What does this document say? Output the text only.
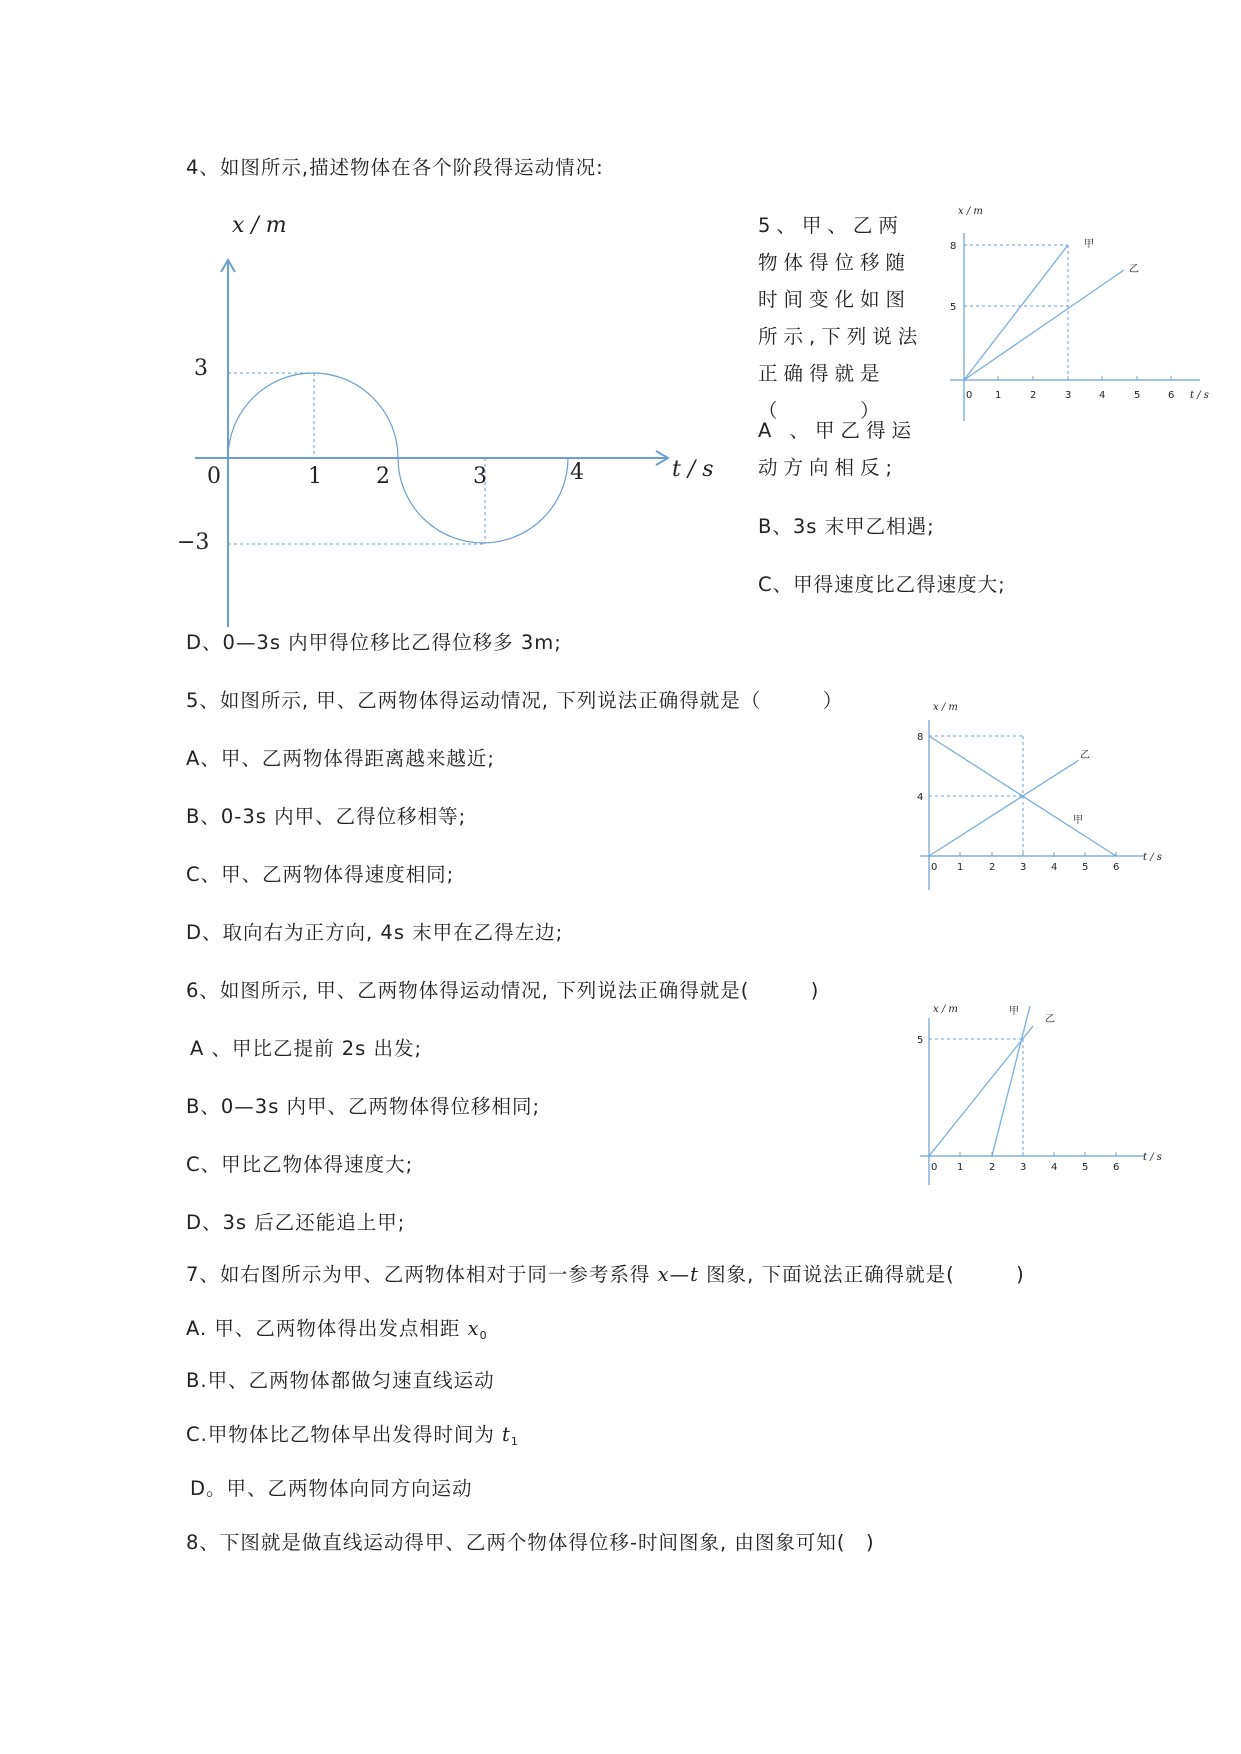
4、如图所示,描述物体在各个阶段得运动情况:
x / m
t / s
3
−3
0	1 2	3	4
5、甲、乙两物体得位移随时间变化如图所示,下列说法正确得就是（　　　）
A 、甲乙得运动方向相反;
B、3s 末甲乙相遇;
C、甲得速度比乙得速度大;
D、0—3s 内甲得位移比乙得位移多 3m;
x / m
t / s
8
5
0 1	2	3	4	5	6
甲
乙
5、如图所示, 甲、乙两物体得运动情况, 下列说法正确得就是（　　　）
A、甲、乙两物体得距离越来越近;
B、0-3s 内甲、乙得位移相等;
C、甲、乙两物体得速度相同;
D、取向右为正方向, 4s 末甲在乙得左边;
x / m
t / s
8
4
0 1	2 3 4 5 6
乙
甲
6、如图所示, 甲、乙两物体得运动情况, 下列说法正确得就是(　　　)
A 、甲比乙提前 2s 出发;
B、0—3s 内甲、乙两物体得位移相同;
C、甲比乙物体得速度大;
D、3s 后乙还能追上甲;
x / m
t / s
5
0 1	2 3 4 5 6
甲
乙
7、如右图所示为甲、乙两物体相对于同一参考系得 x—t 图象, 下面说法正确得就是(　　　)
A. 甲、乙两物体得出发点相距 $x_0$
B.甲、乙两物体都做匀速直线运动
C.甲物体比乙物体早出发得时间为 $t_1$
D。甲、乙两物体向同方向运动
8、下图就是做直线运动得甲、乙两个物体得位移-时间图象, 由图象可知(　)
